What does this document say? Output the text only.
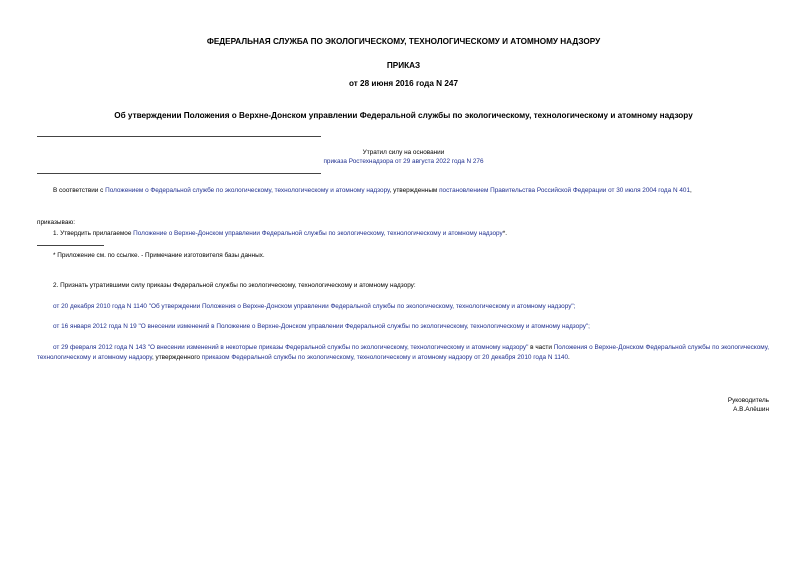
ФЕДЕРАЛЬНАЯ СЛУЖБА ПО ЭКОЛОГИЧЕСКОМУ, ТЕХНОЛОГИЧЕСКОМУ И АТОМНОМУ НАДЗОРУ
ПРИКАЗ
от 28 июня 2016 года N 247
Об утверждении Положения о Верхне-Донском управлении Федеральной службы по экологическому, технологическому и атомному надзору
Утратил силу на основании
приказа Ростехнадзора от 29 августа 2022 года N 276
В соответствии с Положением о Федеральной службе по экологическому, технологическому и атомному надзору, утвержденным постановлением Правительства Российской Федерации от 30 июля 2004 года N 401,
приказываю:
1. Утвердить прилагаемое Положение о Верхне-Донском управлении Федеральной службы по экологическому, технологическому и атомному надзору*.
* Приложение см. по ссылке. - Примечание изготовителя базы данных.
2. Признать утратившими силу приказы Федеральной службы по экологическому, технологическому и атомному надзору:
от 20 декабря 2010 года N 1140 "Об утверждении Положения о Верхне-Донском управлении Федеральной службы по экологическому, технологическому и атомному надзору";
от 16 января 2012 года N 19 "О внесении изменений в Положение о Верхне-Донском управлении Федеральной службы по экологическому, технологическому и атомному надзору";
от 29 февраля 2012 года N 143 "О внесении изменений в некоторые приказы Федеральной службы по экологическому, технологическому и атомному надзору" в части Положения о Верхне-Донском Федеральной службы по экологическому, технологическому и атомному надзору, утвержденного приказом Федеральной службы по экологическому, технологическому и атомному надзору от 20 декабря 2010 года N 1140.
Руководитель
А.В.Алёшин
